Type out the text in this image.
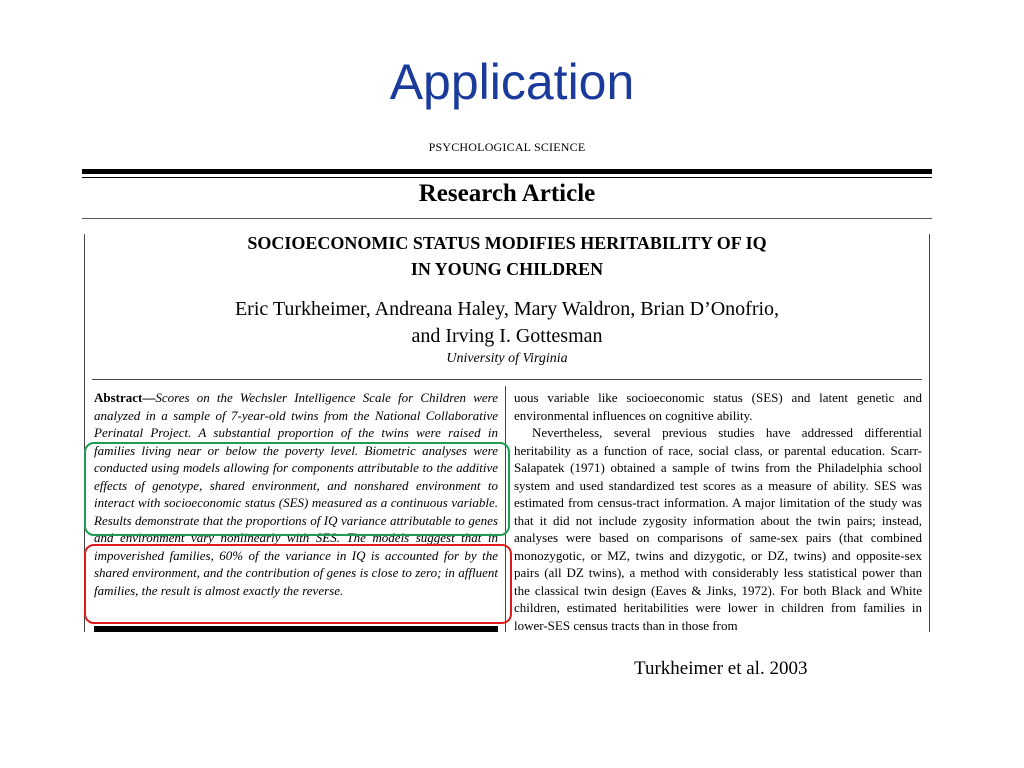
Application
PSYCHOLOGICAL SCIENCE
Research Article
SOCIOECONOMIC STATUS MODIFIES HERITABILITY OF IQ
IN YOUNG CHILDREN
Eric Turkheimer, Andreana Haley, Mary Waldron, Brian D’Onofrio,
and Irving I. Gottesman
University of Virginia
Abstract—Scores on the Wechsler Intelligence Scale for Children were analyzed in a sample of 7-year-old twins from the National Collaborative Perinatal Project. A substantial proportion of the twins were raised in families living near or below the poverty level. Biometric analyses were conducted using models allowing for components attributable to the additive effects of genotype, shared environment, and nonshared environment to interact with socioeconomic status (SES) measured as a continuous variable. Results demonstrate that the proportions of IQ variance attributable to genes and environment vary nonlinearly with SES. The models suggest that in impoverished families, 60% of the variance in IQ is accounted for by the shared environment, and the contribution of genes is close to zero; in affluent families, the result is almost exactly the reverse.

uous variable like socioeconomic status (SES) and latent genetic and environmental influences on cognitive ability.

Nevertheless, several previous studies have addressed differential heritability as a function of race, social class, or parental education. Scarr-Salapatek (1971) obtained a sample of twins from the Philadelphia school system and used standardized test scores as a measure of ability. SES was estimated from census-tract information. A major limitation of the study was that it did not include zygosity information about the twin pairs; instead, analyses were based on comparisons of same-sex pairs (that combined monozygotic, or MZ, twins and dizygotic, or DZ, twins) and opposite-sex pairs (all DZ twins), a method with considerably less statistical power than the classical twin design (Eaves & Jinks, 1972). For both Black and White children, estimated heritabilities were lower in children from families in lower-SES census tracts than in those from

Turkheimer et al. 2003
